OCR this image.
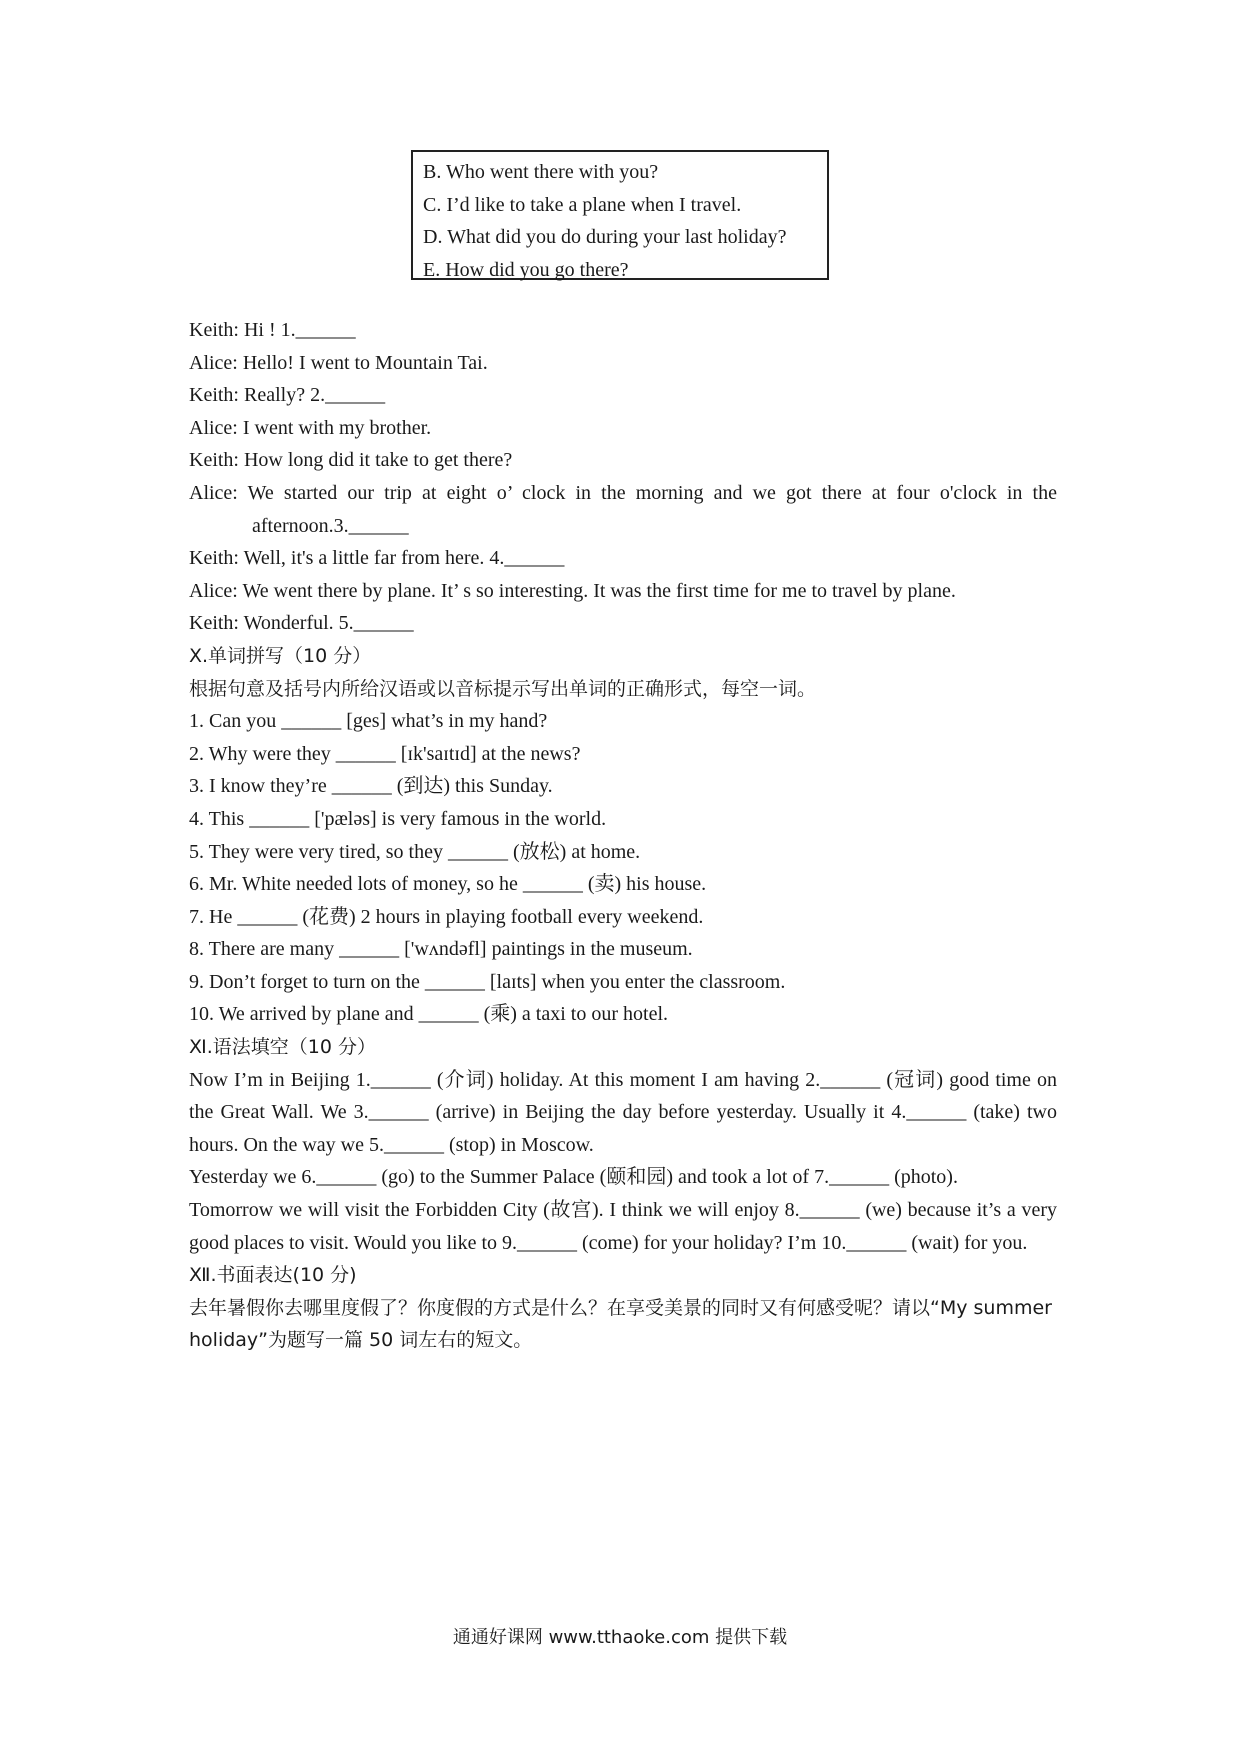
B. Who went there with you?
C. I’d like to take a plane when I travel.
D. What did you do during your last holiday?
E. How did you go there?
Keith: Hi ! 1.______
Alice: Hello! I went to Mountain Tai.
Keith: Really? 2.______
Alice: I went with my brother.
Keith: How long did it take to get there?
Alice: We started our trip at eight o’ clock in the morning and we got there at four o'clock in the afternoon.3.______
Keith: Well, it's a little far from here. 4.______
Alice: We went there by plane. It’ s so interesting. It was the first time for me to travel by plane.
Keith: Wonderful. 5.______
Ⅹ.单词拼写（10 分）
根据句意及括号内所给汉语或以音标提示写出单词的正确形式，每空一词。
1. Can you ______ [ges] what’s in my hand?
2. Why were they ______ [ɪk'saɪtɪd] at the news?
3. I know they’re ______ (到达) this Sunday.
4. This ______ ['pæləs] is very famous in the world.
5. They were very tired, so they ______ (放松) at home.
6. Mr. White needed lots of money, so he ______ (卖) his house.
7. He ______ (花费) 2 hours in playing football every weekend.
8. There are many ______ ['wʌndəfl] paintings in the museum.
9. Don’t forget to turn on the ______ [laɪts] when you enter the classroom.
10. We arrived by plane and ______ (乘) a taxi to our hotel.
Ⅺ.语法填空（10 分）
Now I’m in Beijing 1.______ (介词) holiday. At this moment I am having 2.______ (冠词) good time on the Great Wall. We 3.______ (arrive) in Beijing the day before yesterday. Usually it 4.______ (take) two hours. On the way we 5.______ (stop) in Moscow.
Yesterday we 6.______ (go) to the Summer Palace (颐和园) and took a lot of 7.______ (photo).
Tomorrow we will visit the Forbidden City (故宫). I think we will enjoy 8.______ (we) because it’s a very good places to visit. Would you like to 9.______ (come) for your holiday? I’m 10.______ (wait) for you.
Ⅻ.书面表达(10 分)
去年暑假你去哪里度假了？你度假的方式是什么？在享受美景的同时又有何感受呢？请以“My summer holiday”为题写一篇 50 词左右的短文。
通通好课网 www.tthaoke.com 提供下载
